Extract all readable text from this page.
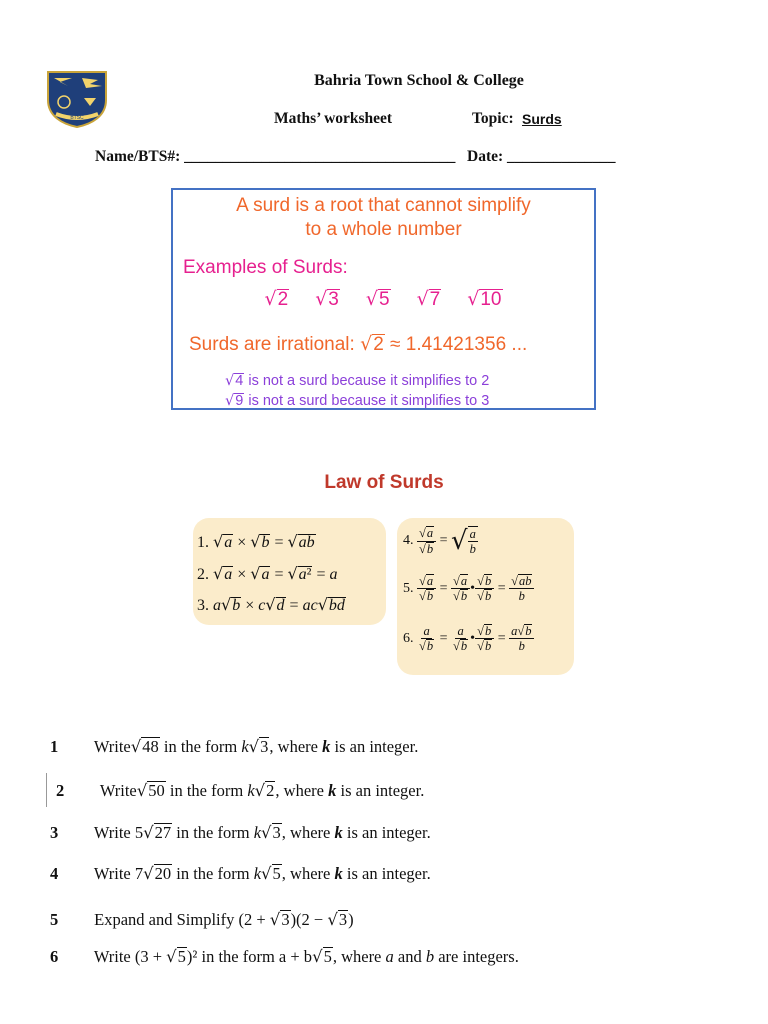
BTSC
Bahria Town School & College
Maths’ worksheet	Topic: Surds
Name/BTS#: ___________________________________ Date: ______________
A surd is a root that cannot simplify
to a whole number
Examples of Surds:
√2 √3 √5 √7 √10
Surds are irrational: √2 ≈ 1.41421356 ...
√4 is not a surd because it simplifies to 2
√9 is not a surd because it simplifies to 3
Law of Surds
1. √a × √b = √ab
2. √a × √a = √a² = a
3. a√b × c√d = ac√bd
4. $\frac{√a}{√b}$ = √ $\frac{a}{b}$
5. $\frac{√a}{√b} = \frac{√a}{√b}$ • $\frac{√b}{√b} = \frac{√ab}{b}$
6. $\frac{a}{√b} = \frac{a}{√b}$ • $\frac{√b}{√b} = \frac{a√b}{b}$
1 Write√48 in the form k√3, where k is an integer.
2 Write√50 in the form k√2, where k is an integer.
3 Write 5√27 in the form k√3, where k is an integer.
4 Write 7√20 in the form k√5, where k is an integer.
5 Expand and Simplify (2 + √3)(2 − √3)
6 Write (3 + √5)² in the form a + b√5, where a and b are integers.
